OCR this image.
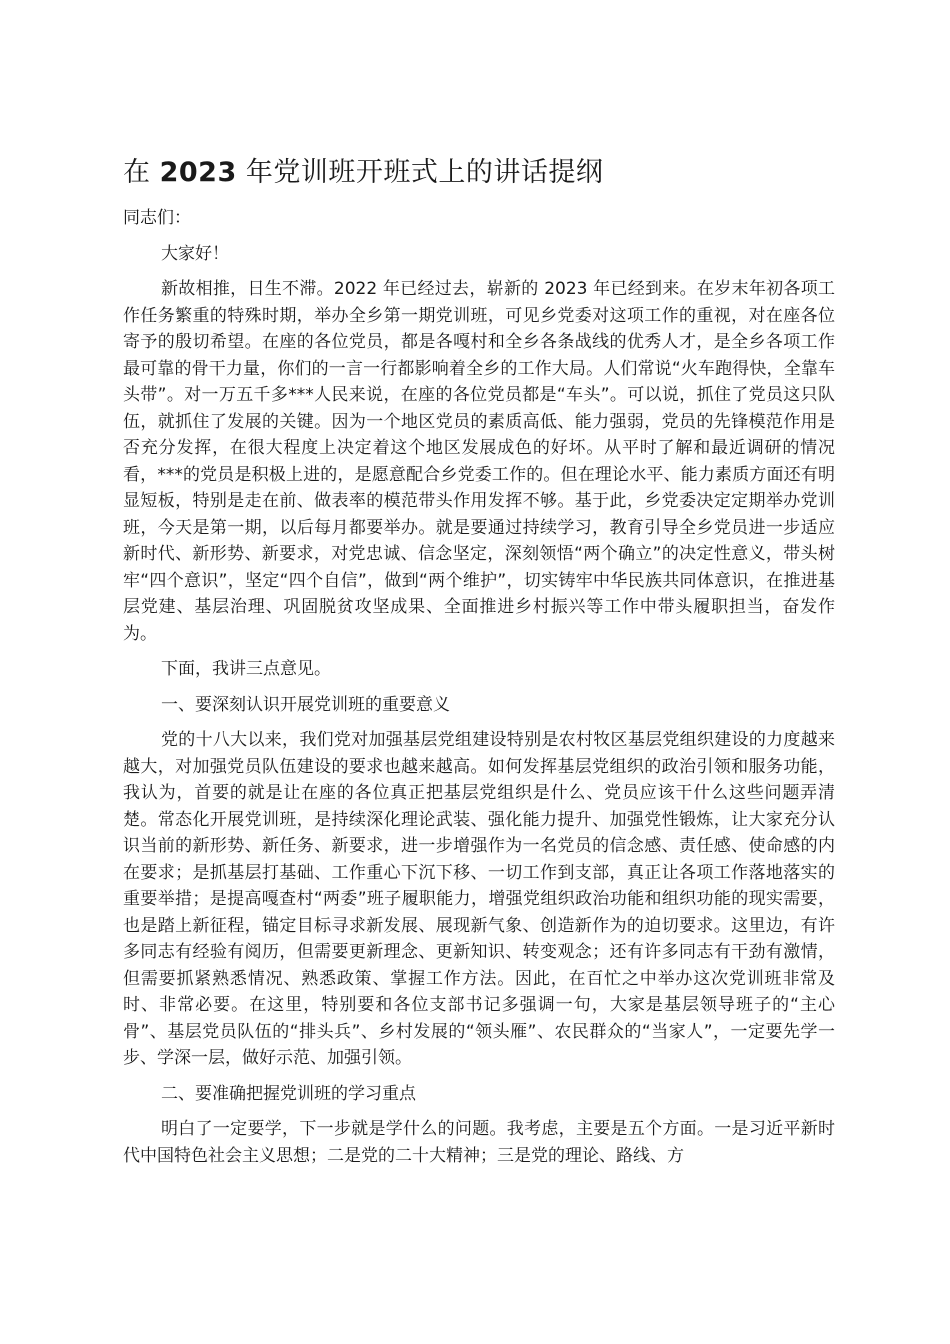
在 2023 年党训班开班式上的讲话提纲

同志们：

大家好！

新故相推，日生不滞。2022 年已经过去，崭新的 2023 年已经到来。在岁末年初各项工作任务繁重的特殊时期，举办全乡第一期党训班，可见乡党委对这项工作的重视，对在座各位寄予的殷切希望。在座的各位党员，都是各嘎村和全乡各条战线的优秀人才，是全乡各项工作最可靠的骨干力量，你们的一言一行都影响着全乡的工作大局。人们常说“火车跑得快，全靠车头带”。对一万五千多***人民来说，在座的各位党员都是“车头”。可以说，抓住了党员这只队伍，就抓住了发展的关键。因为一个地区党员的素质高低、能力强弱，党员的先锋模范作用是否充分发挥，在很大程度上决定着这个地区发展成色的好坏。从平时了解和最近调研的情况看，***的党员是积极上进的，是愿意配合乡党委工作的。但在理论水平、能力素质方面还有明显短板，特别是走在前、做表率的模范带头作用发挥不够。基于此，乡党委决定定期举办党训班，今天是第一期，以后每月都要举办。就是要通过持续学习，教育引导全乡党员进一步适应新时代、新形势、新要求，对党忠诚、信念坚定，深刻领悟“两个确立”的决定性意义，带头树牢“四个意识”，坚定“四个自信”，做到“两个维护”，切实铸牢中华民族共同体意识，在推进基层党建、基层治理、巩固脱贫攻坚成果、全面推进乡村振兴等工作中带头履职担当，奋发作为。

下面，我讲三点意见。

一、要深刻认识开展党训班的重要意义

党的十八大以来，我们党对加强基层党组建设特别是农村牧区基层党组织建设的力度越来越大，对加强党员队伍建设的要求也越来越高。如何发挥基层党组织的政治引领和服务功能，我认为，首要的就是让在座的各位真正把基层党组织是什么、党员应该干什么这些问题弄清楚。常态化开展党训班，是持续深化理论武装、强化能力提升、加强党性锻炼，让大家充分认识当前的新形势、新任务、新要求，进一步增强作为一名党员的信念感、责任感、使命感的内在要求；是抓基层打基础、工作重心下沉下移、一切工作到支部，真正让各项工作落地落实的重要举措；是提高嘎查村“两委”班子履职能力，增强党组织政治功能和组织功能的现实需要，也是踏上新征程，锚定目标寻求新发展、展现新气象、创造新作为的迫切要求。这里边，有许多同志有经验有阅历，但需要更新理念、更新知识、转变观念；还有许多同志有干劲有激情，但需要抓紧熟悉情况、熟悉政策、掌握工作方法。因此，在百忙之中举办这次党训班非常及时、非常必要。在这里，特别要和各位支部书记多强调一句，大家是基层领导班子的“主心骨”、基层党员队伍的“排头兵”、乡村发展的“领头雁”、农民群众的“当家人”，一定要先学一步、学深一层，做好示范、加强引领。

二、要准确把握党训班的学习重点

明白了一定要学，下一步就是学什么的问题。我考虑，主要是五个方面。一是习近平新时代中国特色社会主义思想；二是党的二十大精神；三是党的理论、路线、方
